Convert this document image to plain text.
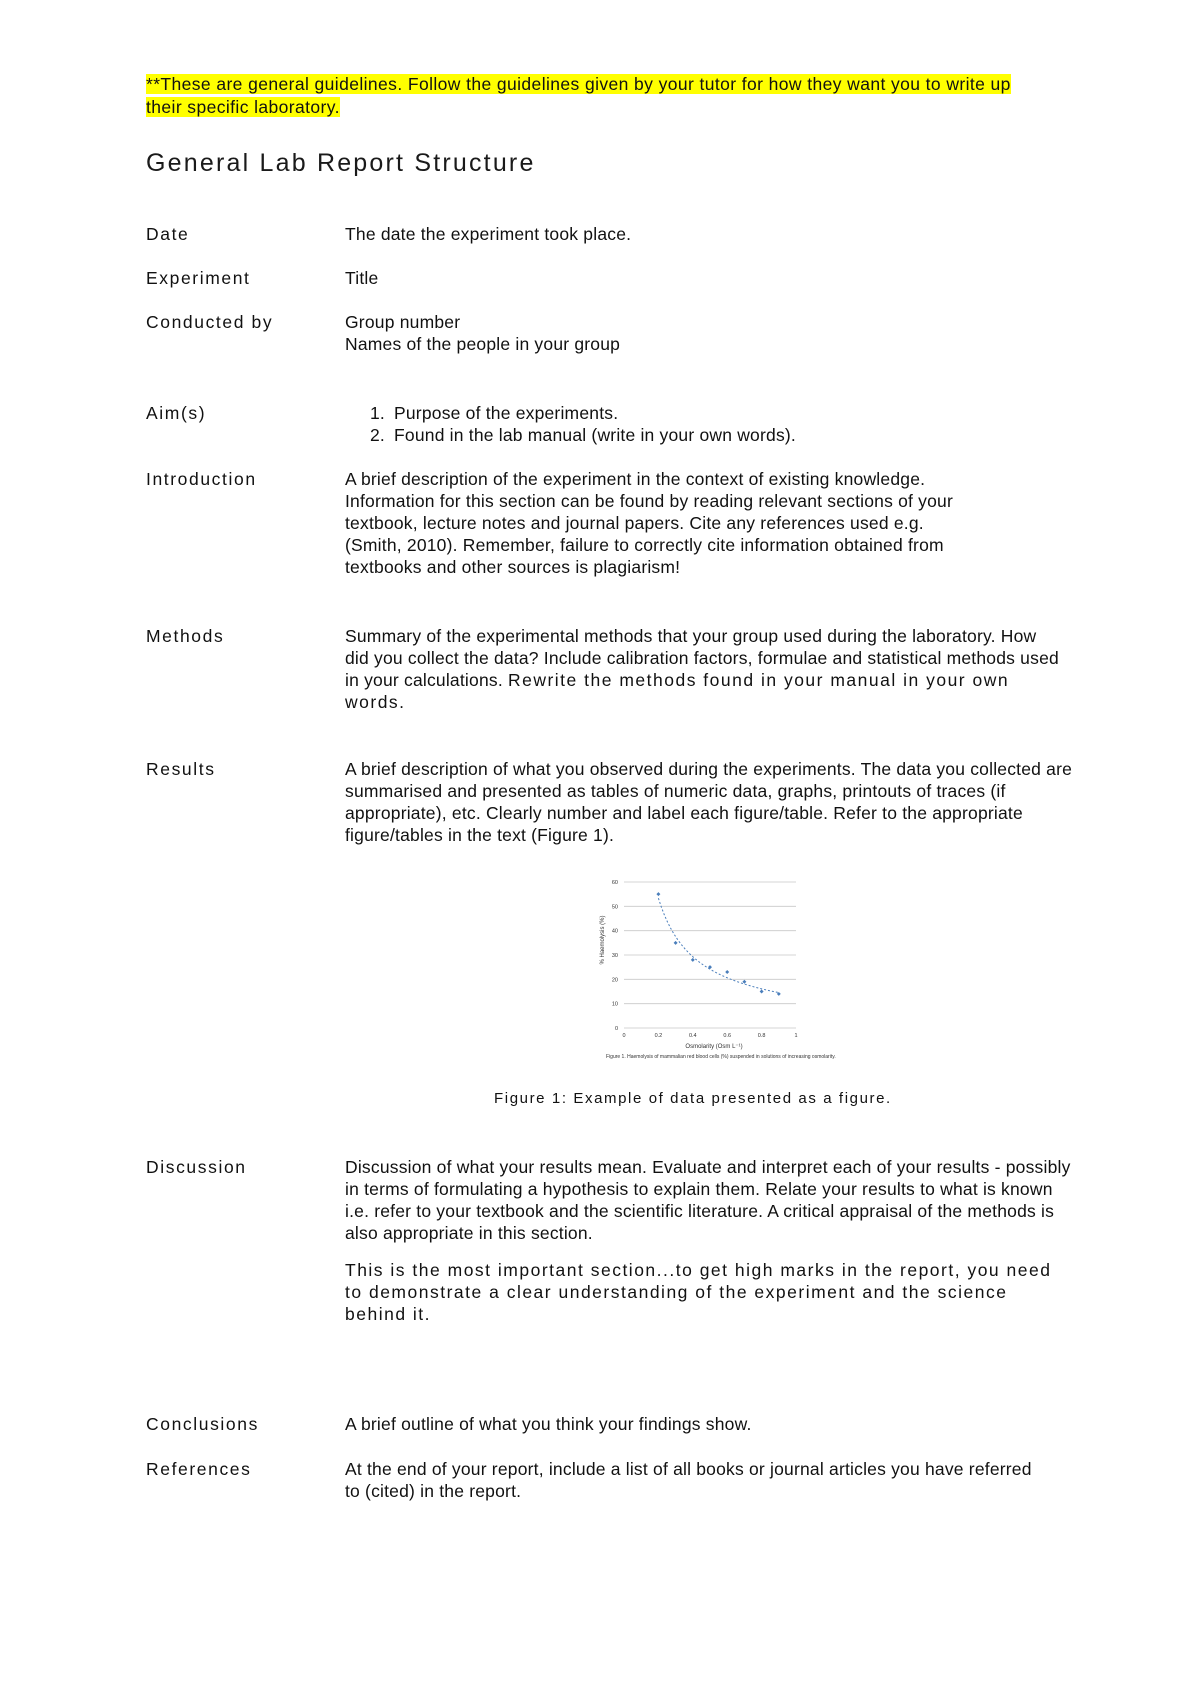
**These are general guidelines. Follow the guidelines given by your tutor for how they want you to write up their specific laboratory.
General Lab Report Structure
Date	The date the experiment took place.

Experiment	Title

Conducted by	Group number

Names of the people in your group

Aim(s)
1.	Purpose of the experiments.
2. Found in the lab manual (write in your own words).
Introduction	A brief description of the experiment in the context of existing knowledge. Information for this section can be found by reading relevant sections of your textbook, lecture notes and journal papers. Cite any references used e.g. (Smith, 2010). Remember, failure to correctly cite information obtained from textbooks and other sources is plagiarism!

Methods	Summary of the experimental methods that your group used during the laboratory. How did you collect the data? Include calibration factors, formulae and statistical methods used in your calculations. Rewrite the methods found in your manual in your own words.

Results	A brief description of what you observed during the experiments. The data you collected are summarised and presented as tables of numeric data, graphs, printouts of traces (if appropriate), etc. Clearly number and label each figure/table. Refer to the appropriate figure/tables in the text (Figure 1).

0
10
20
30
40
50
60
0	0.2	0.4	0.6	0.8	1
Osmolarity (Osm L⁻¹)
% Haemolysis (%)
Figure 1. Haemolysis of mammalian red blood cells (%) suspended in solutions of increasing osmolarity.
Figure 1: Example of data presented as a figure.
Discussion	Discussion of what your results mean. Evaluate and interpret each of your results - possibly in terms of formulating a hypothesis to explain them. Relate your results to what is known i.e. refer to your textbook and the scientific literature. A critical appraisal of the methods is also appropriate in this section.

This is the most important section...to get high marks in the report, you need to demonstrate a clear understanding of the experiment and the science behind it.

Conclusions	A brief outline of what you think your findings show.

References	At the end of your report, include a list of all books or journal articles you have referred to (cited) in the report.
